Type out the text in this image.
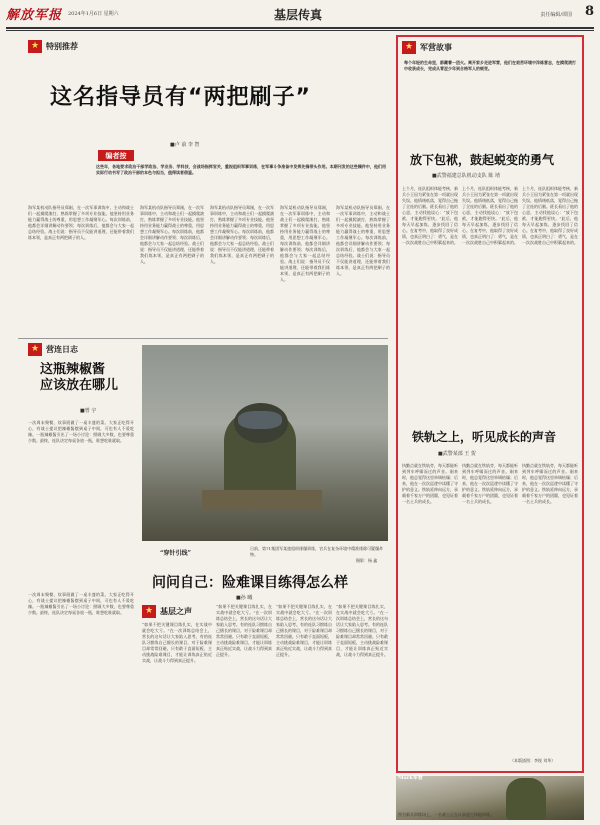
解放军报 2024年1月6日 星期六	基层传真	责任编辑/谭国 8
★ 特别推荐
这名指导员有“两把刷子”
■卢 前 李 智
编者按
这些年，各地要求政治干部学政治、学业务、学科技，会战场指挥官关，重视组织军事训练，在军事斗争准备中发挥先锋带头作用。本期刊发的这些稿件中，他们用实际行动书写了政治干部的本色与担当，值得读者借鉴。
海军某机动队指导员郑刚，在一次军事训练中，主动和战士们一起摸爬滚打，熟练掌握了多项专业技能。他坚持用业务能力赢得战士的尊重，用思想工作凝聚军心。每次训练前，他都会详细讲解动作要领；每次训练后，他都会与大家一起总结经验。战士们说：指导员不仅能讲道理，还能带着我们练本领，是真正有两把刷子的人。
海军某机动队指导员郑刚，在一次军事训练中，主动和战士们一起摸爬滚打，熟练掌握了多项专业技能。他坚持用业务能力赢得战士的尊重，用思想工作凝聚军心。每次训练前，他都会详细讲解动作要领；每次训练后，他都会与大家一起总结经验。战士们说：指导员不仅能讲道理，还能带着我们练本领，是真正有两把刷子的人。
海军某机动队指导员郑刚，在一次军事训练中，主动和战士们一起摸爬滚打，熟练掌握了多项专业技能。他坚持用业务能力赢得战士的尊重，用思想工作凝聚军心。每次训练前，他都会详细讲解动作要领；每次训练后，他都会与大家一起总结经验。战士们说：指导员不仅能讲道理，还能带着我们练本领，是真正有两把刷子的人。
海军某机动队指导员郑刚，在一次军事训练中，主动和战士们一起摸爬滚打，熟练掌握了多项专业技能。他坚持用业务能力赢得战士的尊重，用思想工作凝聚军心。每次训练前，他都会详细讲解动作要领；每次训练后，他都会与大家一起总结经验。战士们说：指导员不仅能讲道理，还能带着我们练本领，是真正有两把刷子的人。
海军某机动队指导员郑刚，在一次军事训练中，主动和战士们一起摸爬滚打，熟练掌握了多项专业技能。他坚持用业务能力赢得战士的尊重，用思想工作凝聚军心。每次训练前，他都会详细讲解动作要领；每次训练后，他都会与大家一起总结经验。战士们说：指导员不仅能讲道理，还能带着我们练本领，是真正有两把刷子的人。
★ 军营故事
每个年轻的生命里，都藏着一团火。离开家乡走进军营，他们在艰苦环境中淬炼意志，在摸爬滚打中收获成长，完成从青涩少年到合格军人的蜕变。
放下包袱，鼓起蜕变的勇气
■武警福建总队机动支队 陈 靖
上个月，连队组织体能考核，新兵小王因为紧张在第一项就出现失误。他情绪低落，觉得自己拖了全连的后腿。班长看出了他的心思，主动找他谈心：“放下包袱，才能跑得更快。”此后，他每天早起加练，逐步找回了信心。在复考中，他取得了良好成绩，也真正明白了：勇气，是在一次次战胜自己中积累起来的。
上个月，连队组织体能考核，新兵小王因为紧张在第一项就出现失误。他情绪低落，觉得自己拖了全连的后腿。班长看出了他的心思，主动找他谈心：“放下包袱，才能跑得更快。”此后，他每天早起加练，逐步找回了信心。在复考中，他取得了良好成绩，也真正明白了：勇气，是在一次次战胜自己中积累起来的。
上个月，连队组织体能考核，新兵小王因为紧张在第一项就出现失误。他情绪低落，觉得自己拖了全连的后腿。班长看出了他的心思，主动找他谈心：“放下包袱，才能跑得更快。”此后，他每天早起加练，逐步找回了信心。在复考中，他取得了良好成绩，也真正明白了：勇气，是在一次次战胜自己中积累起来的。
铁轨之上，听见成长的声音
■武警某部 王 贺
执勤点就在铁轨旁，每天都能听到列车呼啸而过的声音。刚来时，他总觉得这里单调枯燥；后来，他在一次次巡逻中读懂了守护的意义。铁轨延伸向远方，承载着千家万户的团圆，也见证着一名士兵的成长。
执勤点就在铁轨旁，每天都能听到列车呼啸而过的声音。刚来时，他总觉得这里单调枯燥；后来，他在一次次巡逻中读懂了守护的意义。铁轨延伸向远方，承载着千家万户的团圆，也见证着一名士兵的成长。
执勤点就在铁轨旁，每天都能听到列车呼啸而过的声音。刚来时，他总觉得这里单调枯燥；后来，他在一次次巡逻中读懂了守护的意义。铁轨延伸向远方，承载着千家万户的团圆，也见证着一名士兵的成长。
（本版插图：李锐 刘华）
★ 营连日志
这瓶辣椒酱
应该放在哪儿
■曾 宇
一次周末聚餐，炊事班做了一桌丰盛的菜。大家正吃得开心，有战士提议把辣椒酱摆到桌子中间，可也有人不爱吃辣。一瓶辣椒酱引出了一场小讨论：照顾大多数，也要尊重少数。最终，连队决定每桌各放一瓶，谁想吃谁就取。
“穿针引线”
日前，第71集团军某旅组织排爆训练，官兵在复杂环境中精准排除可疑爆炸物。
摄影：杨 鑫
问问自己：险难课目练得怎么样
■孙 曦
★ 基层之声
“如果不把关键课目练扎实，在实战中就会吃大亏。”在一次训练总结会上，营长的这句话让大家陷入思考。有的连队习惯练自己擅长的课目，对于险难课目却常常回避。只有敢于直面短板，主动挑战险难课目，才能让训练真正贴近实战，让战斗力得到真正提升。
“如果不把关键课目练扎实，在实战中就会吃大亏。”在一次训练总结会上，营长的这句话让大家陷入思考。有的连队习惯练自己擅长的课目，对于险难课目却常常回避。只有敢于直面短板，主动挑战险难课目，才能让训练真正贴近实战，让战斗力得到真正提升。
“如果不把关键课目练扎实，在实战中就会吃大亏。”在一次训练总结会上，营长的这句话让大家陷入思考。有的连队习惯练自己擅长的课目，对于险难课目却常常回避。只有敢于直面短板，主动挑战险难课目，才能让训练真正贴近实战，让战斗力得到真正提升。
“如果不把关键课目练扎实，在实战中就会吃大亏。”在一次训练总结会上，营长的这句话让大家陷入思考。有的连队习惯练自己擅长的课目，对于险难课目却常常回避。只有敢于直面短板，主动挑战险难课目，才能让训练真正贴近实战，让战斗力得到真正提升。
一次周末聚餐，炊事班做了一桌丰盛的菜。大家正吃得开心，有战士提议把辣椒酱摆到桌子中间，可也有人不爱吃辣。一瓶辣椒酱引出了一场小讨论：照顾大多数，也要尊重少数。最终，连队决定每桌各放一瓶，谁想吃谁就取。
Mark军营
图为新兵训练场上，一名战士正在认真进行体能训练。
